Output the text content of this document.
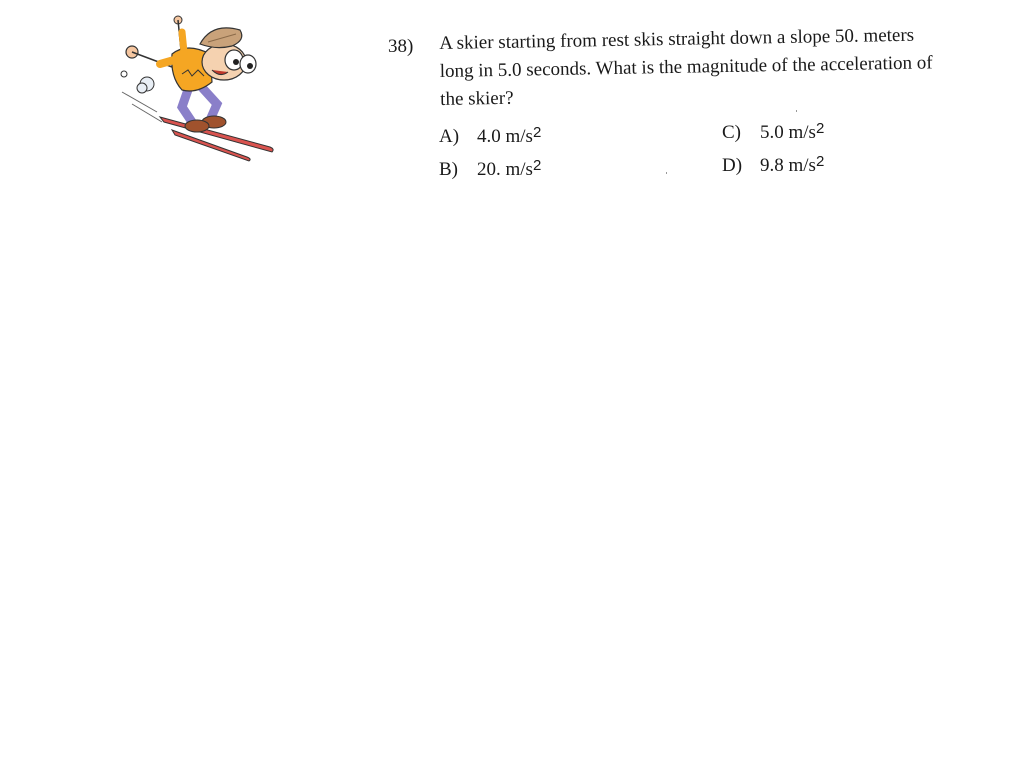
38) A skier starting from rest skis straight down a slope 50. meters long in 5.0 seconds. What is the magnitude of the acceleration of the skier?
A) 4.0 $m/s^2$
B) 20. $m/s^2$
C) 5.0 $m/s^2$
D) 9.8 $m/s^2$
